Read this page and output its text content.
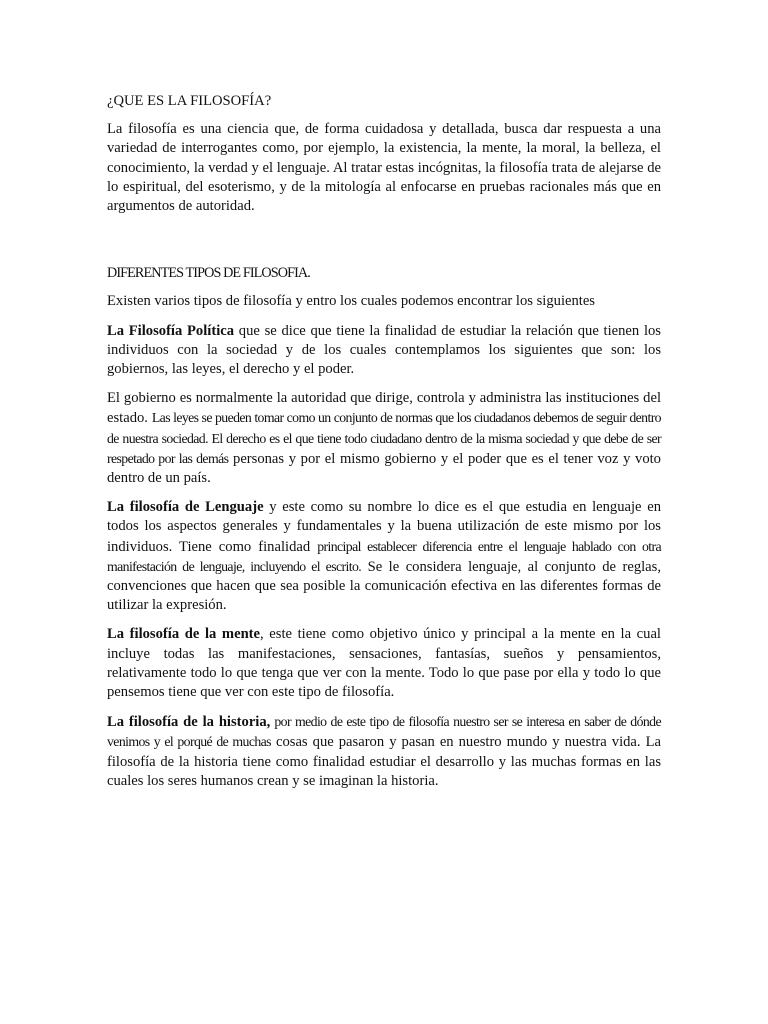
¿QUE ES LA FILOSOFÍA?

La filosofía es una ciencia que, de forma cuidadosa y detallada, busca dar respuesta a una variedad de interrogantes como, por ejemplo, la existencia, la mente, la moral, la belleza, el conocimiento, la verdad y el lenguaje. Al tratar estas incógnitas, la filosofía trata de alejarse de lo espiritual, del esoterismo, y de la mitología al enfocarse en pruebas racionales más que en argumentos de autoridad.

DIFERENTES TIPOS DE FILOSOFIA.

Existen varios tipos de filosofía y entro los cuales podemos encontrar los siguientes

La Filosofía Política que se dice que tiene la finalidad de estudiar la relación que tienen los individuos con la sociedad y de los cuales contemplamos los siguientes que son: los gobiernos, las leyes, el derecho y el poder.

El gobierno es normalmente la autoridad que dirige, controla y administra las instituciones del estado. Las leyes se pueden tomar como un conjunto de normas que los ciudadanos debemos de seguir dentro de nuestra sociedad. El derecho es el que tiene todo ciudadano dentro de la misma sociedad y que debe de ser respetado por las demás personas y por el mismo gobierno y el poder que es el tener voz y voto dentro de un país.

La filosofía de Lenguaje y este como su nombre lo dice es el que estudia en lenguaje en todos los aspectos generales y fundamentales y la buena utilización de este mismo por los individuos. Tiene como finalidad principal establecer diferencia entre el lenguaje hablado con otra manifestación de lenguaje, incluyendo el escrito. Se le considera lenguaje, al conjunto de reglas, convenciones que hacen que sea posible la comunicación efectiva en las diferentes formas de utilizar la expresión.

La filosofía de la mente, este tiene como objetivo único y principal a la mente en la cual incluye todas las manifestaciones, sensaciones, fantasías, sueños y pensamientos, relativamente todo lo que tenga que ver con la mente. Todo lo que pase por ella y todo lo que pensemos tiene que ver con este tipo de filosofía.

La filosofía de la historia, por medio de este tipo de filosofía nuestro ser se interesa en saber de dónde venimos y el porqué de muchas cosas que pasaron y pasan en nuestro mundo y nuestra vida. La filosofía de la historia tiene como finalidad estudiar el desarrollo y las muchas formas en las cuales los seres humanos crean y se imaginan la historia.
